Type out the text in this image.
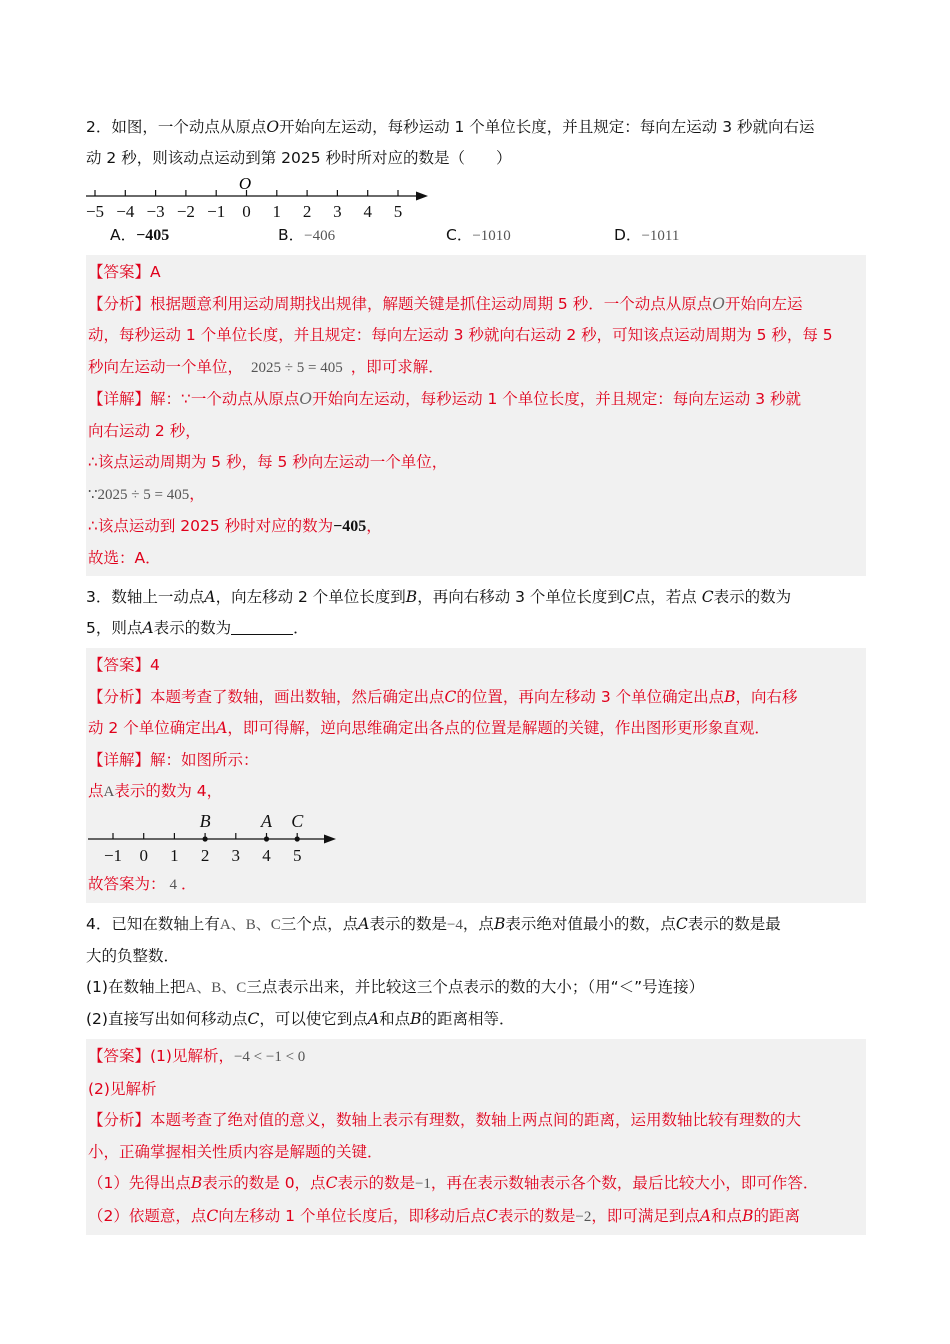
2．如图，一个动点从原点O开始向左运动，每秒运动 1 个单位长度，并且规定：每向左运动 3 秒就向右运
动 2 秒，则该动点运动到第 2025 秒时所对应的数是（　　）
O
−5 −4 −3 −2 −1 0 1 2 3 4 5
A．−405	B．−406	C．−1010	D．−1011
【答案】A
【分析】根据题意利用运动周期找出规律，解题关键是抓住运动周期 5 秒．一个动点从原点O开始向左运
动，每秒运动 1 个单位长度，并且规定：每向左运动 3 秒就向右运动 2 秒，可知该点运动周期为 5 秒，每 5
秒向左运动一个单位， 2025 ÷ 5 = 405 ，即可求解．
【详解】解：∵一个动点从原点O开始向左运动，每秒运动 1 个单位长度，并且规定：每向左运动 3 秒就
向右运动 2 秒，
∴该点运动周期为 5 秒，每 5 秒向左运动一个单位，
∵2025 ÷ 5 = 405，
∴该点运动到 2025 秒时对应的数为−405，
故选：A．
3．数轴上一动点A，向左移动 2 个单位长度到B，再向右移动 3 个单位长度到C点，若点 C表示的数为
5，则点A表示的数为	．
【答案】4
【分析】本题考查了数轴，画出数轴，然后确定出点C的位置，再向左移动 3 个单位确定出点B，向右移
动 2 个单位确定出A，即可得解，逆向思维确定出各点的位置是解题的关键，作出图形更形象直观．
【详解】解：如图所示：
点A表示的数为 4，
−1 0 1 2 3 4 5
B	A C
故答案为： 4 ．
4．已知在数轴上有A、B、C三个点，点A表示的数是−4，点B表示绝对值最小的数，点C表示的数是最
大的负整数．
(1)在数轴上把A、B、C三点表示出来，并比较这三个点表示的数的大小；（用“＜”号连接）
(2)直接写出如何移动点C，可以使它到点A和点B的距离相等．
【答案】(1)见解析，−4 < −1 < 0
(2)见解析
【分析】本题考查了绝对值的意义，数轴上表示有理数，数轴上两点间的距离，运用数轴比较有理数的大
小，正确掌握相关性质内容是解题的关键．
（1）先得出点B表示的数是 0，点C表示的数是−1，再在表示数轴表示各个数，最后比较大小，即可作答．
（2）依题意，点C向左移动 1 个单位长度后，即移动后点C表示的数是−2，即可满足到点A和点B的距离
